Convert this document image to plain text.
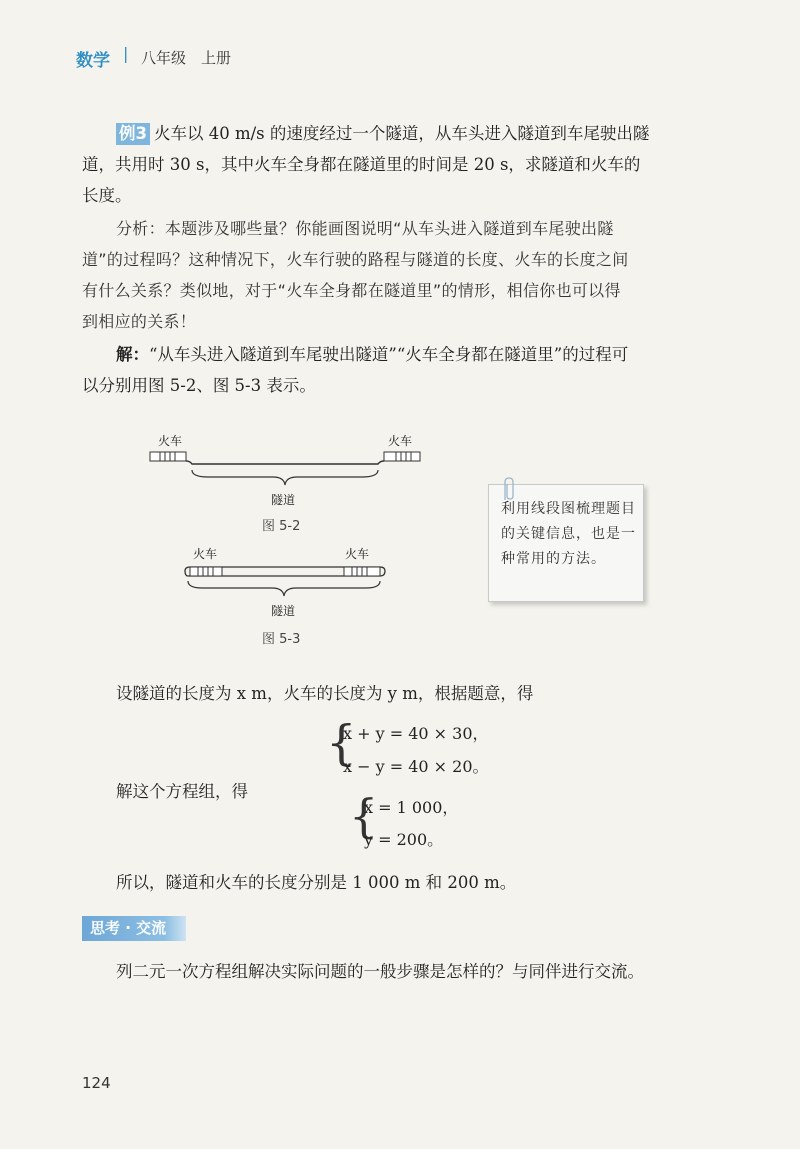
数学 | 八年级　上册
例3 火车以 40 m/s 的速度经过一个隧道，从车头进入隧道到车尾驶出隧
道，共用时 30 s，其中火车全身都在隧道里的时间是 20 s，求隧道和火车的
长度。
分析：本题涉及哪些量？你能画图说明“从车头进入隧道到车尾驶出隧
道”的过程吗？这种情况下，火车行驶的路程与隧道的长度、火车的长度之间
有什么关系？类似地，对于“火车全身都在隧道里”的情形，相信你也可以得
到相应的关系！
解：“从车头进入隧道到车尾驶出隧道”“火车全身都在隧道里”的过程可
以分别用图 5-2、图 5-3 表示。
火车	火车
隧道
图 5-2
火车	火车
隧道
图 5-3
利用线段图梳理题目的关键信息，也是一种常用的方法。
设隧道的长度为 x m，火车的长度为 y m，根据题意，得
{
x + y = 40 × 30，
x − y = 40 × 20。
解这个方程组，得	{
x = 1 000，
y = 200。
所以，隧道和火车的长度分别是 1 000 m 和 200 m。
思考 · 交流
列二元一次方程组解决实际问题的一般步骤是怎样的？与同伴进行交流。
124
